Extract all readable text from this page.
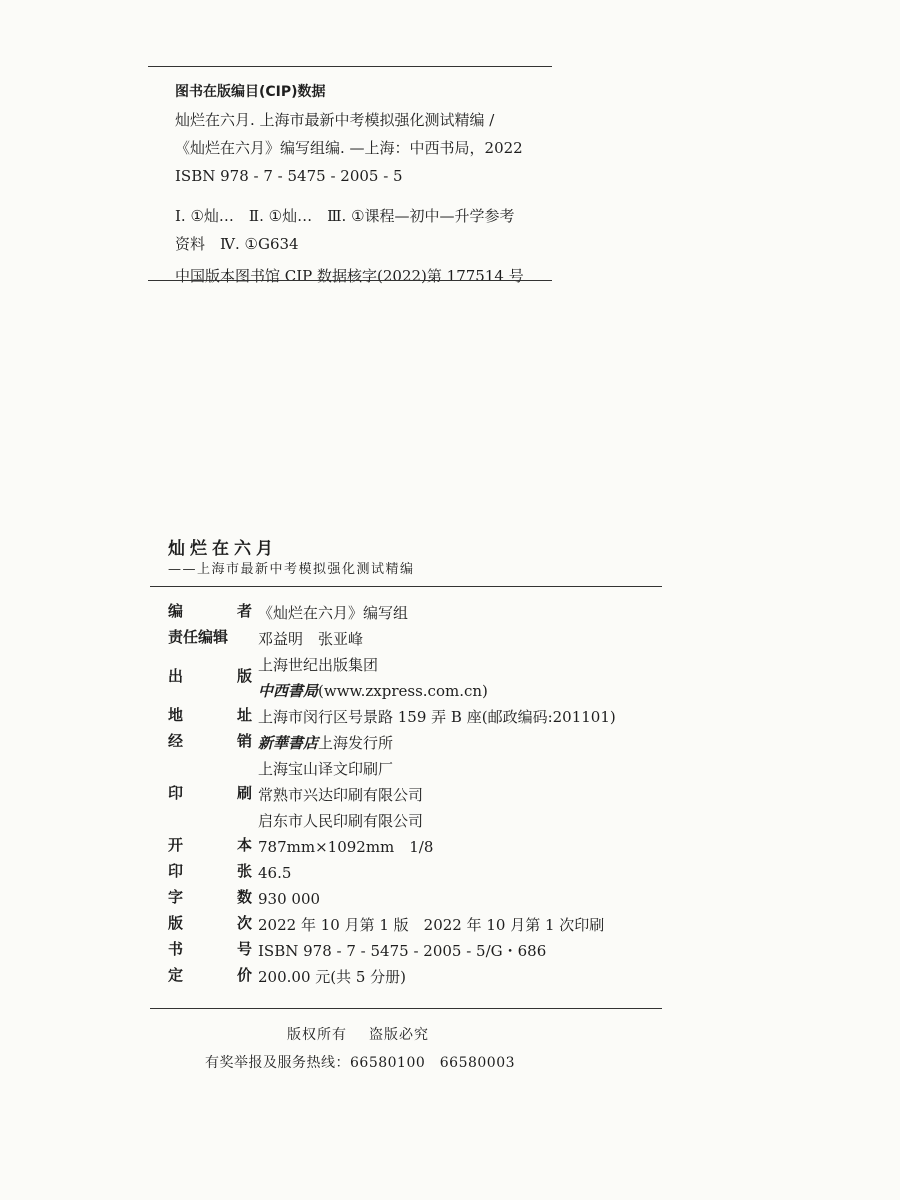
图书在版编目(CIP)数据
灿烂在六月. 上海市最新中考模拟强化测试精编 /
《灿烂在六月》编写组编. —上海：中西书局，2022
ISBN 978 - 7 - 5475 - 2005 - 5
Ⅰ. ①灿…　Ⅱ. ①灿…　Ⅲ. ①课程—初中—升学参考
资料　Ⅳ. ①G634
中国版本图书馆 CIP 数据核字(2022)第 177514 号
灿烂在六月
——上海市最新中考模拟强化测试精编
编	者 《灿烂在六月》编写组
责任编辑	邓益明　张亚峰
出	版
上海世纪出版集团
中西書局(www.zxpress.com.cn)
地	址 上海市闵行区号景路 159 弄 B 座(邮政编码:201101)
经	销 新華書店上海发行所
印	刷
上海宝山译文印刷厂
常熟市兴达印刷有限公司
启东市人民印刷有限公司
开	本 787mm×1092mm　1/8
印	张 46.5
字	数 930 000
版	次 2022 年 10 月第 1 版　2022 年 10 月第 1 次印刷
书	号 ISBN 978 - 7 - 5475 - 2005 - 5/G・686
定	价 200.00 元(共 5 分册)
版权所有 盗版必究
有奖举报及服务热线：66580100　66580003
